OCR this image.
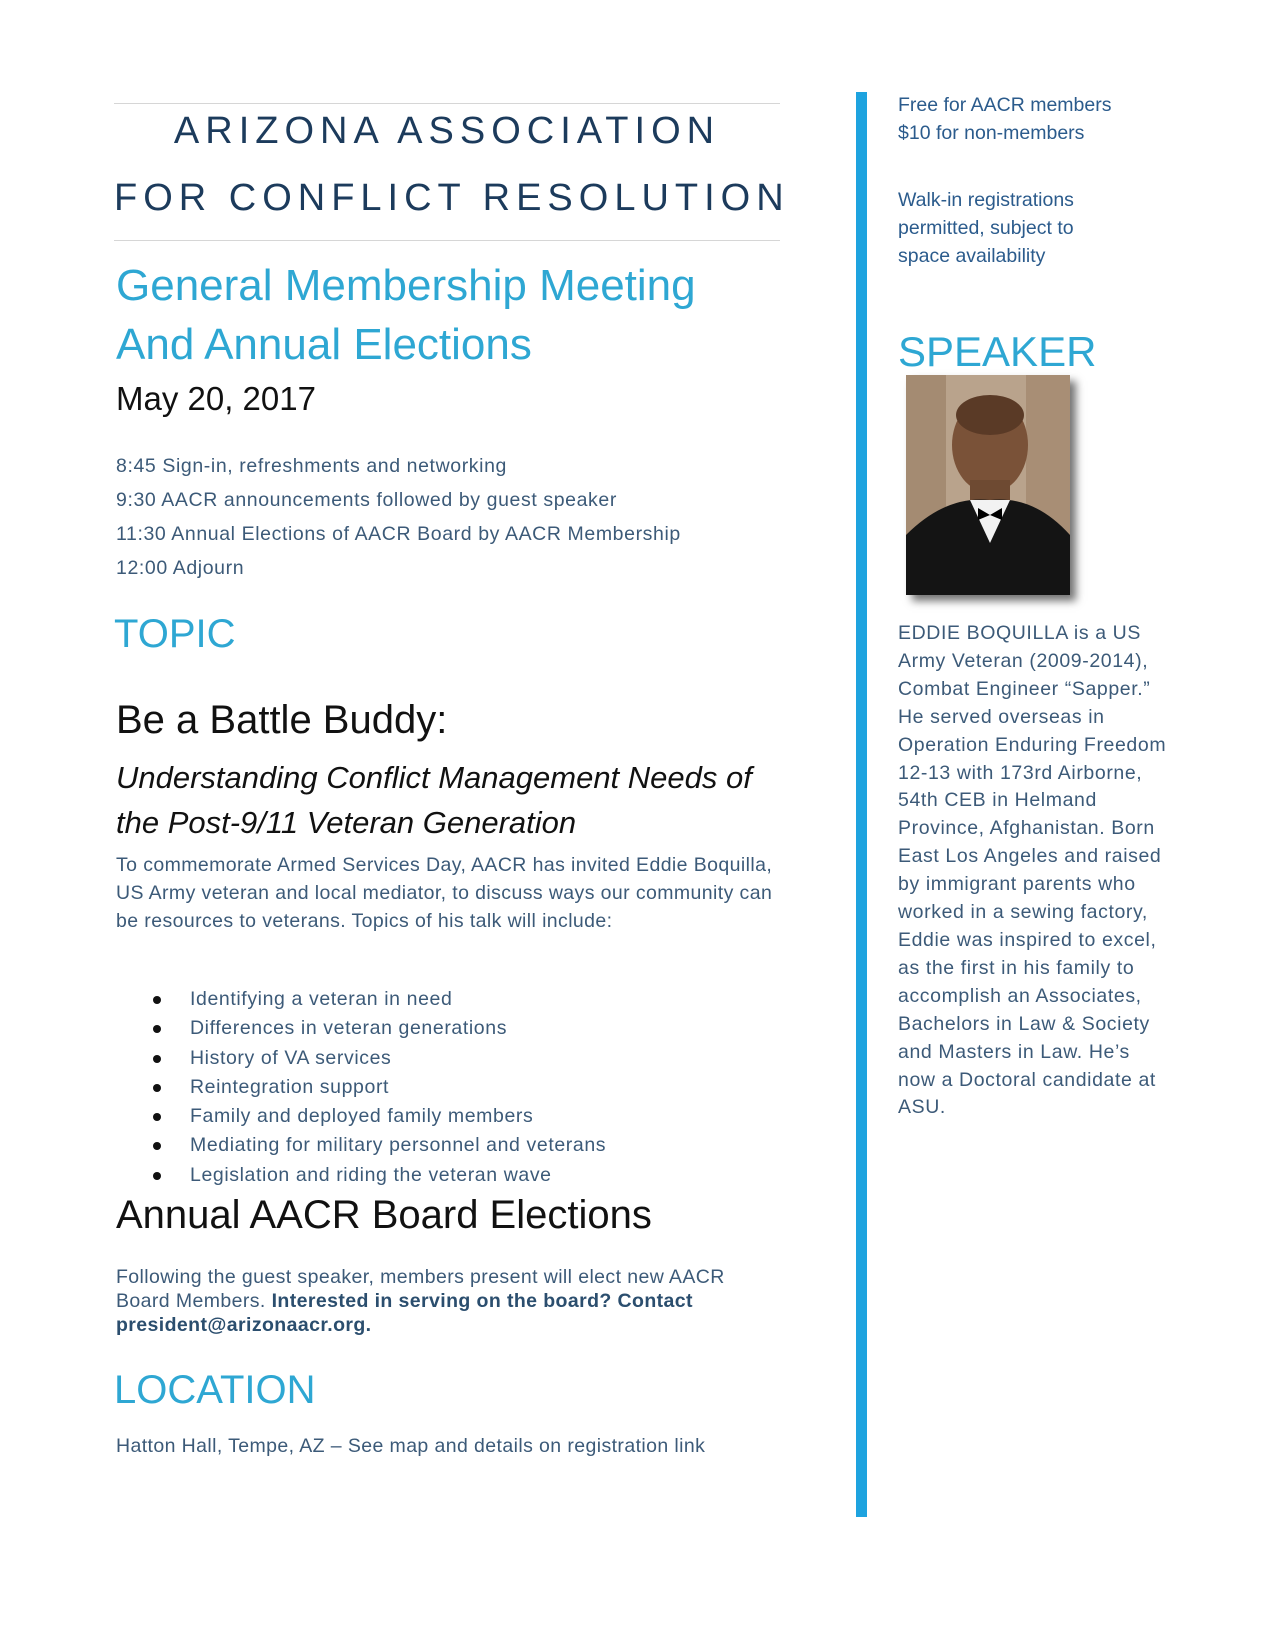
ARIZONA ASSOCIATION
FOR CONFLICT RESOLUTION
General Membership Meeting
And Annual Elections
May 20, 2017
8:45 Sign-in, refreshments and networking
9:30 AACR announcements followed by guest speaker
11:30 Annual Elections of AACR Board by AACR Membership
12:00 Adjourn
TOPIC
Be a Battle Buddy:
Understanding Conflict Management Needs of the Post-9/11 Veteran Generation
To commemorate Armed Services Day, AACR has invited Eddie Boquilla, US Army veteran and local mediator, to discuss ways our community can be resources to veterans. Topics of his talk will include:
Identifying a veteran in need
Differences in veteran generations
History of VA services
Reintegration support
Family and deployed family members
Mediating for military personnel and veterans
Legislation and riding the veteran wave
Annual AACR Board Elections
Following the guest speaker, members present will elect new AACR Board Members. Interested in serving on the board? Contact president@arizonaacr.org.
LOCATION
Hatton Hall, Tempe, AZ – See map and details on registration link
Free for AACR members
$10 for non-members
Walk-in registrations permitted, subject to space availability
SPEAKER
EDDIE BOQUILLA is a US Army Veteran (2009-2014), Combat Engineer “Sapper.” He served overseas in Operation Enduring Freedom 12-13 with 173rd Airborne, 54th CEB in Helmand Province, Afghanistan. Born East Los Angeles and raised by immigrant parents who worked in a sewing factory, Eddie was inspired to excel, as the first in his family to accomplish an Associates, Bachelors in Law & Society and Masters in Law. He’s now a Doctoral candidate at ASU.
